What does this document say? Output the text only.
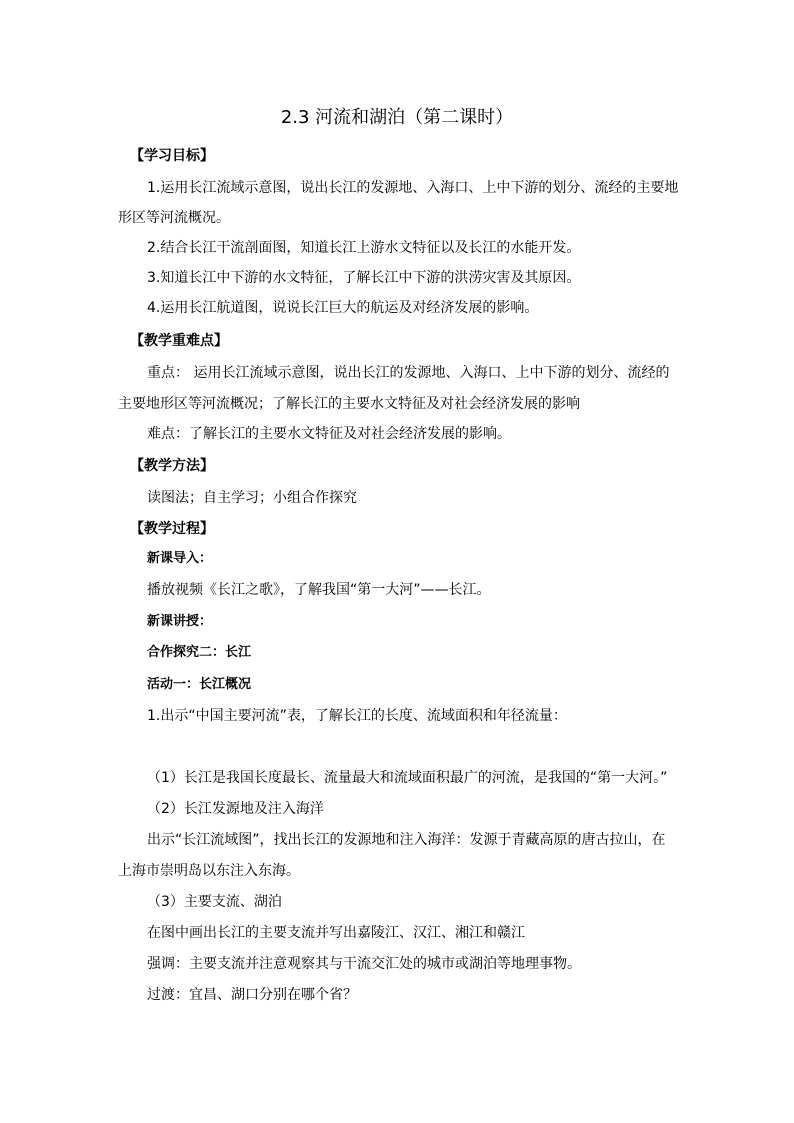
2.3 河流和湖泊（第二课时）
【学习目标】
1.运用长江流域示意图，说出长江的发源地、入海口、上中下游的划分、流经的主要地
形区等河流概况。
2.结合长江干流剖面图，知道长江上游水文特征以及长江的水能开发。
3.知道长江中下游的水文特征，了解长江中下游的洪涝灾害及其原因。
4.运用长江航道图，说说长江巨大的航运及对经济发展的影响。
【教学重难点】
重点： 运用长江流域示意图，说出长江的发源地、入海口、上中下游的划分、流经的
主要地形区等河流概况；了解长江的主要水文特征及对社会经济发展的影响
难点：了解长江的主要水文特征及对社会经济发展的影响。
【教学方法】
读图法；自主学习；小组合作探究
【教学过程】
新课导入：
播放视频《长江之歌》，了解我国“第一大河”——长江。
新课讲授：
合作探究二：长江
活动一：长江概况
1.出示“中国主要河流”表，了解长江的长度、流域面积和年径流量：
（1）长江是我国长度最长、流量最大和流域面积最广的河流，是我国的“第一大河。”
（2）长江发源地及注入海洋
出示“长江流域图”，找出长江的发源地和注入海洋：发源于青藏高原的唐古拉山，在
上海市崇明岛以东注入东海。
（3）主要支流、湖泊
在图中画出长江的主要支流并写出嘉陵江、汉江、湘江和赣江
强调：主要支流并注意观察其与干流交汇处的城市或湖泊等地理事物。
过渡：宜昌、湖口分别在哪个省？
